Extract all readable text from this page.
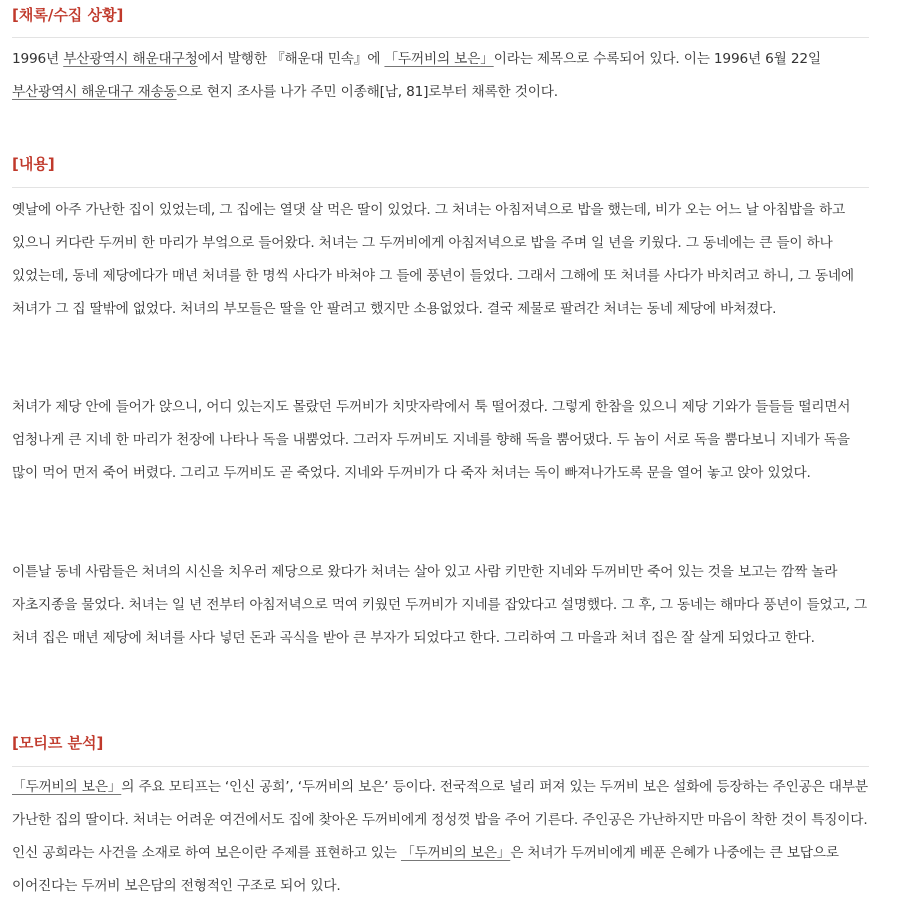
[채록/수집 상황]

1996년 부산광역시 해운대구청에서 발행한 『해운대 민속』에 「두꺼비의 보은」이라는 제목으로 수록되어 있다. 이는 1996년 6월 22일 부산광역시 해운대구 재송동으로 현지 조사를 나가 주민 이종해[남, 81]로부터 채록한 것이다.

[내용]

옛날에 아주 가난한 집이 있었는데, 그 집에는 열댓 살 먹은 딸이 있었다. 그 처녀는 아침저녁으로 밥을 했는데, 비가 오는 어느 날 아침밥을 하고 있으니 커다란 두꺼비 한 마리가 부엌으로 들어왔다. 처녀는 그 두꺼비에게 아침저녁으로 밥을 주며 일 년을 키웠다. 그 동네에는 큰 들이 하나 있었는데, 동네 제당에다가 매년 처녀를 한 명씩 사다가 바쳐야 그 들에 풍년이 들었다. 그래서 그해에 또 처녀를 사다가 바치려고 하니, 그 동네에 처녀가 그 집 딸밖에 없었다. 처녀의 부모들은 딸을 안 팔려고 했지만 소용없었다. 결국 제물로 팔려간 처녀는 동네 제당에 바쳐졌다.

처녀가 제당 안에 들어가 앉으니, 어디 있는지도 몰랐던 두꺼비가 치맛자락에서 툭 떨어졌다. 그렇게 한참을 있으니 제당 기와가 들들들 떨리면서 엄청나게 큰 지네 한 마리가 천장에 나타나 독을 내뿜었다. 그러자 두꺼비도 지네를 향해 독을 뿜어댔다. 두 놈이 서로 독을 뿜다보니 지네가 독을 많이 먹어 먼저 죽어 버렸다. 그리고 두꺼비도 곧 죽었다. 지네와 두꺼비가 다 죽자 처녀는 독이 빠져나가도록 문을 열어 놓고 앉아 있었다.

이튿날 동네 사람들은 처녀의 시신을 치우러 제당으로 왔다가 처녀는 살아 있고 사람 키만한 지네와 두꺼비만 죽어 있는 것을 보고는 깜짝 놀라 자초지종을 물었다. 처녀는 일 년 전부터 아침저녁으로 먹여 키웠던 두꺼비가 지네를 잡았다고 설명했다. 그 후, 그 동네는 해마다 풍년이 들었고, 그 처녀 집은 매년 제당에 처녀를 사다 넣던 돈과 곡식을 받아 큰 부자가 되었다고 한다. 그리하여 그 마을과 처녀 집은 잘 살게 되었다고 한다.

[모티프 분석]

「두꺼비의 보은」의 주요 모티프는 ‘인신 공희’, ‘두꺼비의 보은’ 등이다. 전국적으로 널리 퍼져 있는 두꺼비 보은 설화에 등장하는 주인공은 대부분 가난한 집의 딸이다. 처녀는 어려운 여건에서도 집에 찾아온 두꺼비에게 정성껏 밥을 주어 기른다. 주인공은 가난하지만 마음이 착한 것이 특징이다. 인신 공희라는 사건을 소재로 하여 보은이란 주제를 표현하고 있는 「두꺼비의 보은」은 처녀가 두꺼비에게 베푼 은혜가 나중에는 큰 보답으로 이어진다는 두꺼비 보은담의 전형적인 구조로 되어 있다.
